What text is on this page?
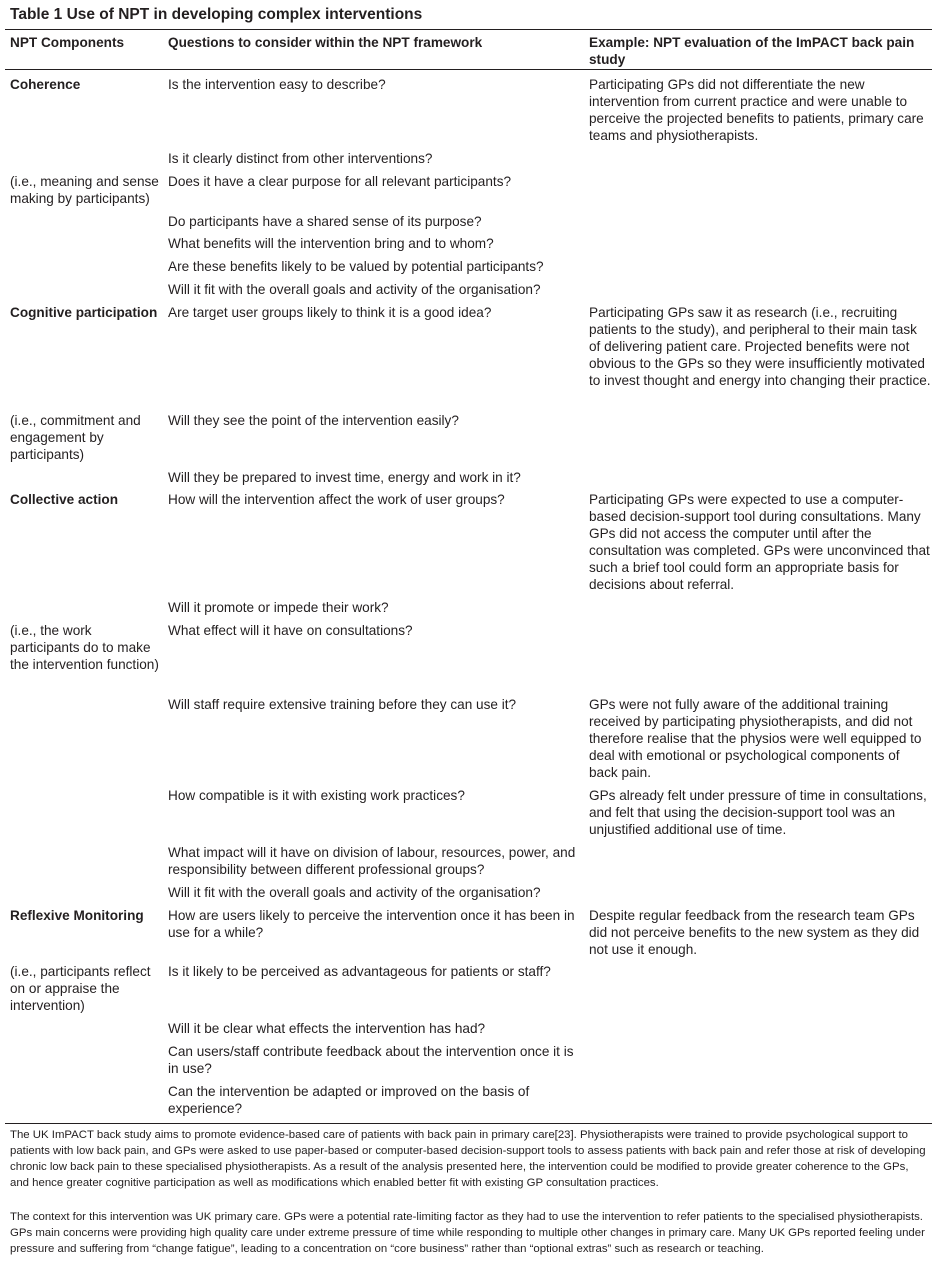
Table 1 Use of NPT in developing complex interventions
NPT Components	Questions to consider within the NPT framework	Example: NPT evaluation of the ImPACT back pain study
Coherence
(i.e., meaning and sense making by participants)
Cognitive participation
(i.e., commitment and engagement by participants)
Collective action
(i.e., the work participants do to make the intervention function)
Reflexive Monitoring
(i.e., participants reflect on or appraise the intervention)
Is the intervention easy to describe?
Is it clearly distinct from other interventions?
Does it have a clear purpose for all relevant participants?
Do participants have a shared sense of its purpose?
What benefits will the intervention bring and to whom?
Are these benefits likely to be valued by potential participants?
Will it fit with the overall goals and activity of the organisation?
Are target user groups likely to think it is a good idea?
Will they see the point of the intervention easily?
Will they be prepared to invest time, energy and work in it?
How will the intervention affect the work of user groups?
Will it promote or impede their work?
What effect will it have on consultations?
Will staff require extensive training before they can use it?
How compatible is it with existing work practices?
What impact will it have on division of labour, resources, power, and responsibility between different professional groups?
Will it fit with the overall goals and activity of the organisation?
How are users likely to perceive the intervention once it has been in use for a while?
Is it likely to be perceived as advantageous for patients or staff?
Will it be clear what effects the intervention has had?
Can users/staff contribute feedback about the intervention once it is in use?
Can the intervention be adapted or improved on the basis of experience?
Participating GPs did not differentiate the new intervention from current practice and were unable to perceive the projected benefits to patients, primary care teams and physiotherapists.
Participating GPs saw it as research (i.e., recruiting patients to the study), and peripheral to their main task of delivering patient care. Projected benefits were not obvious to the GPs so they were insufficiently motivated to invest thought and energy into changing their practice.
Participating GPs were expected to use a computer-based decision-support tool during consultations. Many GPs did not access the computer until after the consultation was completed. GPs were unconvinced that such a brief tool could form an appropriate basis for decisions about referral.
GPs were not fully aware of the additional training received by participating physiotherapists, and did not therefore realise that the physios were well equipped to deal with emotional or psychological components of back pain.
GPs already felt under pressure of time in consultations, and felt that using the decision-support tool was an unjustified additional use of time.
Despite regular feedback from the research team GPs did not perceive benefits to the new system as they did not use it enough.
The UK ImPACT back study aims to promote evidence-based care of patients with back pain in primary care[23]. Physiotherapists were trained to provide psychological support to patients with low back pain, and GPs were asked to use paper-based or computer-based decision-support tools to assess patients with back pain and refer those at risk of developing chronic low back pain to these specialised physiotherapists. As a result of the analysis presented here, the intervention could be modified to provide greater coherence to the GPs, and hence greater cognitive participation as well as modifications which enabled better fit with existing GP consultation practices.
The context for this intervention was UK primary care. GPs were a potential rate-limiting factor as they had to use the intervention to refer patients to the specialised physiotherapists. GPs main concerns were providing high quality care under extreme pressure of time while responding to multiple other changes in primary care. Many UK GPs reported feeling under pressure and suffering from “change fatigue”, leading to a concentration on “core business” rather than “optional extras” such as research or teaching.
